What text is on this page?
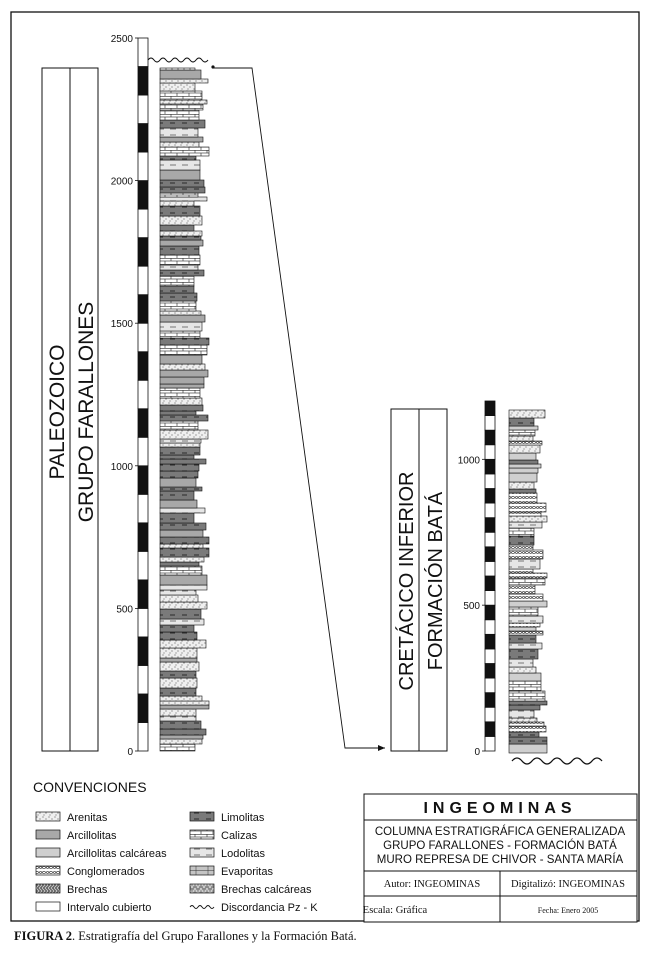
PALEOZOICO GRUPO FARALLONES
2500
2000
1500
1000
500
0
CRETÁCICO INFERIOR FORMACIÓN BATÁ
1000
500
0
CONVENCIONES
Arenitas
Arcillolitas
Arcillolitas calcáreas
Conglomerados
Brechas
Intervalo cubierto
Limolitas
Calizas
Lodolitas
Evaporitas
Brechas calcáreas
Discordancia Pz - K
INGEOMINAS
COLUMNA ESTRATIGRÁFICA GENERALIZADA
GRUPO FARALLONES - FORMACIÓN BATÁ
MURO REPRESA DE CHIVOR - SANTA MARÍA
Autor: INGEOMINAS	Digitalizó: INGEOMINAS
Escala: Gráfica	Fecha: Enero 2005
FIGURA 2. Estratigrafía del Grupo Farallones y la Formación Batá.
